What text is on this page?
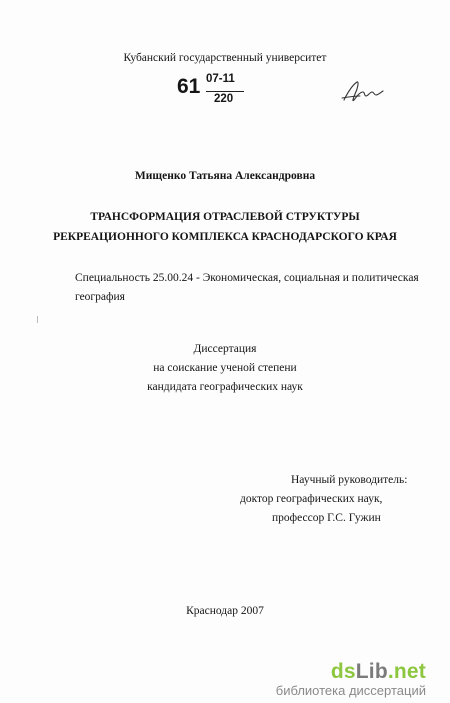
Кубанский государственный университет
61 07-11
220
Мищенко Татьяна Александровна
ТРАНСФОРМАЦИЯ ОТРАСЛЕВОЙ СТРУКТУРЫ
РЕКРЕАЦИОННОГО КОМПЛЕКСА КРАСНОДАРСКОГО КРАЯ
Специальность 25.00.24 - Экономическая, социальная и политическая
география
Диссертация
на соискание ученой степени
кандидата географических наук
Научный руководитель:
доктор географических наук,
профессор Г.С. Гужин
Краснодар 2007
dsLib.net
библиотека диссертаций
